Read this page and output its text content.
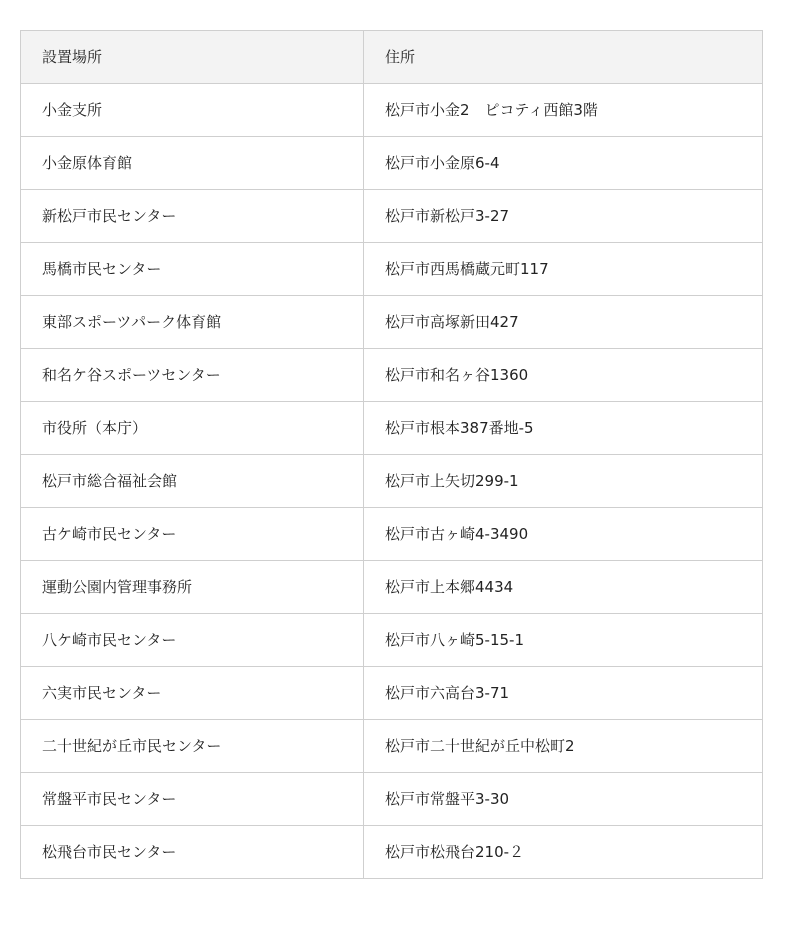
設置場所	住所
小金支所	松戸市小金2　ピコティ西館3階
小金原体育館	松戸市小金原6-4
新松戸市民センター	松戸市新松戸3-27
馬橋市民センター	松戸市西馬橋蔵元町117
東部スポーツパーク体育館	松戸市高塚新田427
和名ケ谷スポーツセンター	松戸市和名ヶ谷1360
市役所（本庁）	松戸市根本387番地-5
松戸市総合福祉会館	松戸市上矢切299-1
古ケ崎市民センター	松戸市古ヶ崎4-3490
運動公園内管理事務所	松戸市上本郷4434
八ケ崎市民センター	松戸市八ヶ崎5-15-1
六実市民センター	松戸市六高台3-71
二十世紀が丘市民センター	松戸市二十世紀が丘中松町2
常盤平市民センター	松戸市常盤平3-30
松飛台市民センター	松戸市松飛台210-２
